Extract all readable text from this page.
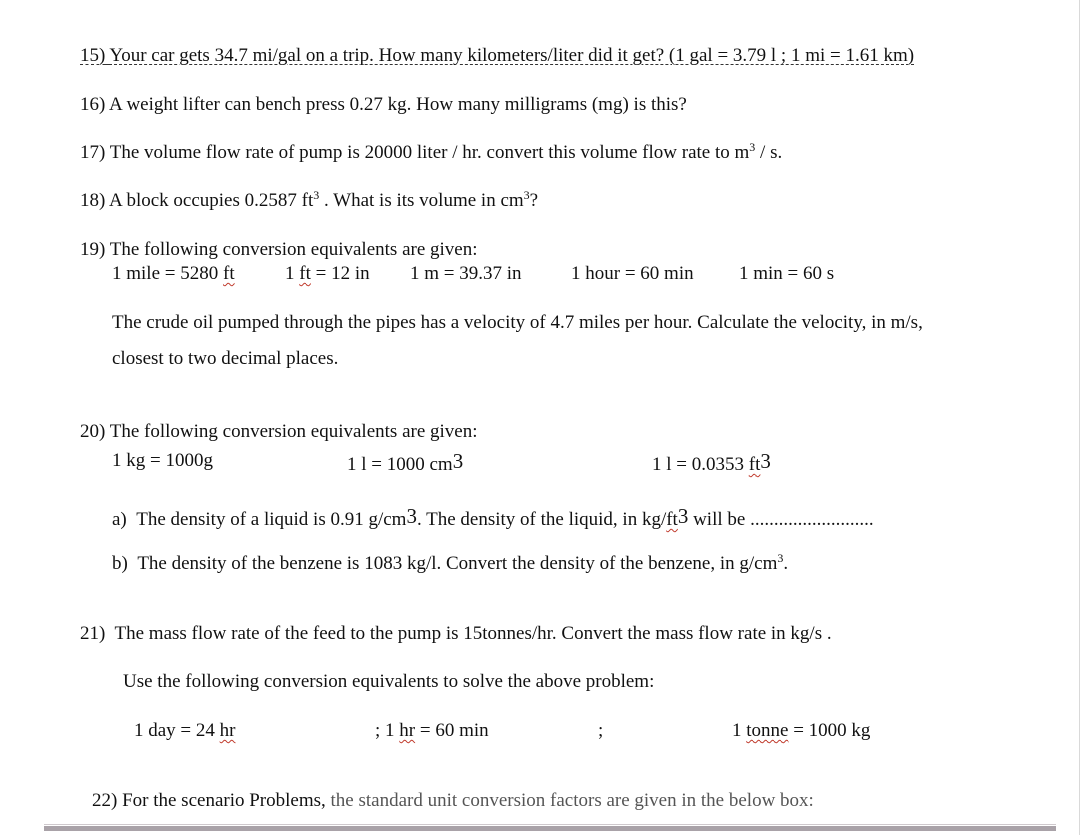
15) Your car gets 34.7 mi/gal on a trip. How many kilometers/liter did it get? (1 gal = 3.79 l ; 1 mi = 1.61 km)
16) A weight lifter can bench press 0.27 kg. How many milligrams (mg) is this?
17) The volume flow rate of pump is 20000 liter / hr. convert this volume flow rate to $m^3$ / s.
18) A block occupies 0.2587 $ft^3$ . What is its volume in $cm^3$?
19) The following conversion equivalents are given:
1 mile = 5280 ft	1 ft = 12 in 1 m = 39.37 in	1 hour = 60 min 1 min = 60 s
The crude oil pumped through the pipes has a velocity of 4.7 miles per hour. Calculate the velocity, in m/s,
closest to two decimal places.
20) The following conversion equivalents are given:
1 kg = 1000g	1 l = 1000 cm3	1 l = 0.0353 ft3
a) The density of a liquid is 0.91 g/cm3. The density of the liquid, in kg/ft3 will be ..........................
b) The density of the benzene is 1083 kg/l. Convert the density of the benzene, in $g/cm^3$.
21) The mass flow rate of the feed to the pump is 15tonnes/hr. Convert the mass flow rate in kg/s .
Use the following conversion equivalents to solve the above problem:
1 day = 24 hr	; 1 hr = 60 min	;	1 tonne = 1000 kg
22) For the scenario Problems, the standard unit conversion factors are given in the below box:
